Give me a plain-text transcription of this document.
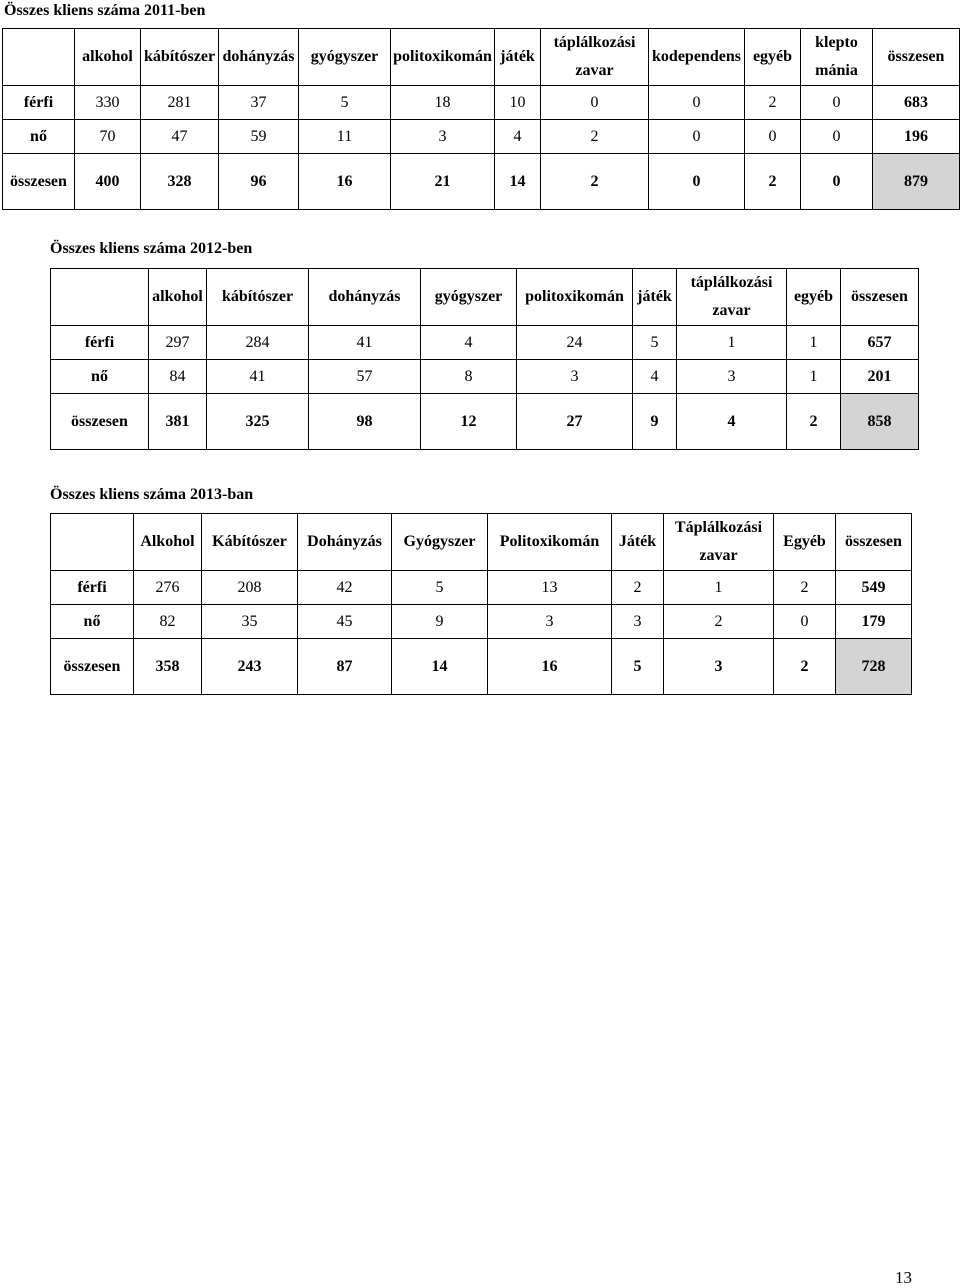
Összes kliens száma 2011-ben

	alkohol	kábítószer	dohányzás	gyógyszer	politoxikomán	játék	táplálkozási zavar	kodependens	egyéb	klepto mánia	összesen
férfi	330	281	37	5	18	10	0	0	2	0	683
nő	70	47	59	11	3	4	2	0	0	0	196
összesen	400	328	96	16	21	14	2	0	2	0	879

Összes kliens száma 2012-ben

	alkohol	kábítószer	dohányzás	gyógyszer	politoxikomán	játék	táplálkozási zavar	egyéb	összesen
férfi	297	284	41	4	24	5	1	1	657
nő	84	41	57	8	3	4	3	1	201
összesen	381	325	98	12	27	9	4	2	858

Összes kliens száma 2013-ban

	Alkohol	Kábítószer	Dohányzás	Gyógyszer	Politoxikomán	Játék	Táplálkozási zavar	Egyéb	összesen
férfi	276	208	42	5	13	2	1	2	549
nő	82	35	45	9	3	3	2	0	179
összesen	358	243	87	14	16	5	3	2	728
13
